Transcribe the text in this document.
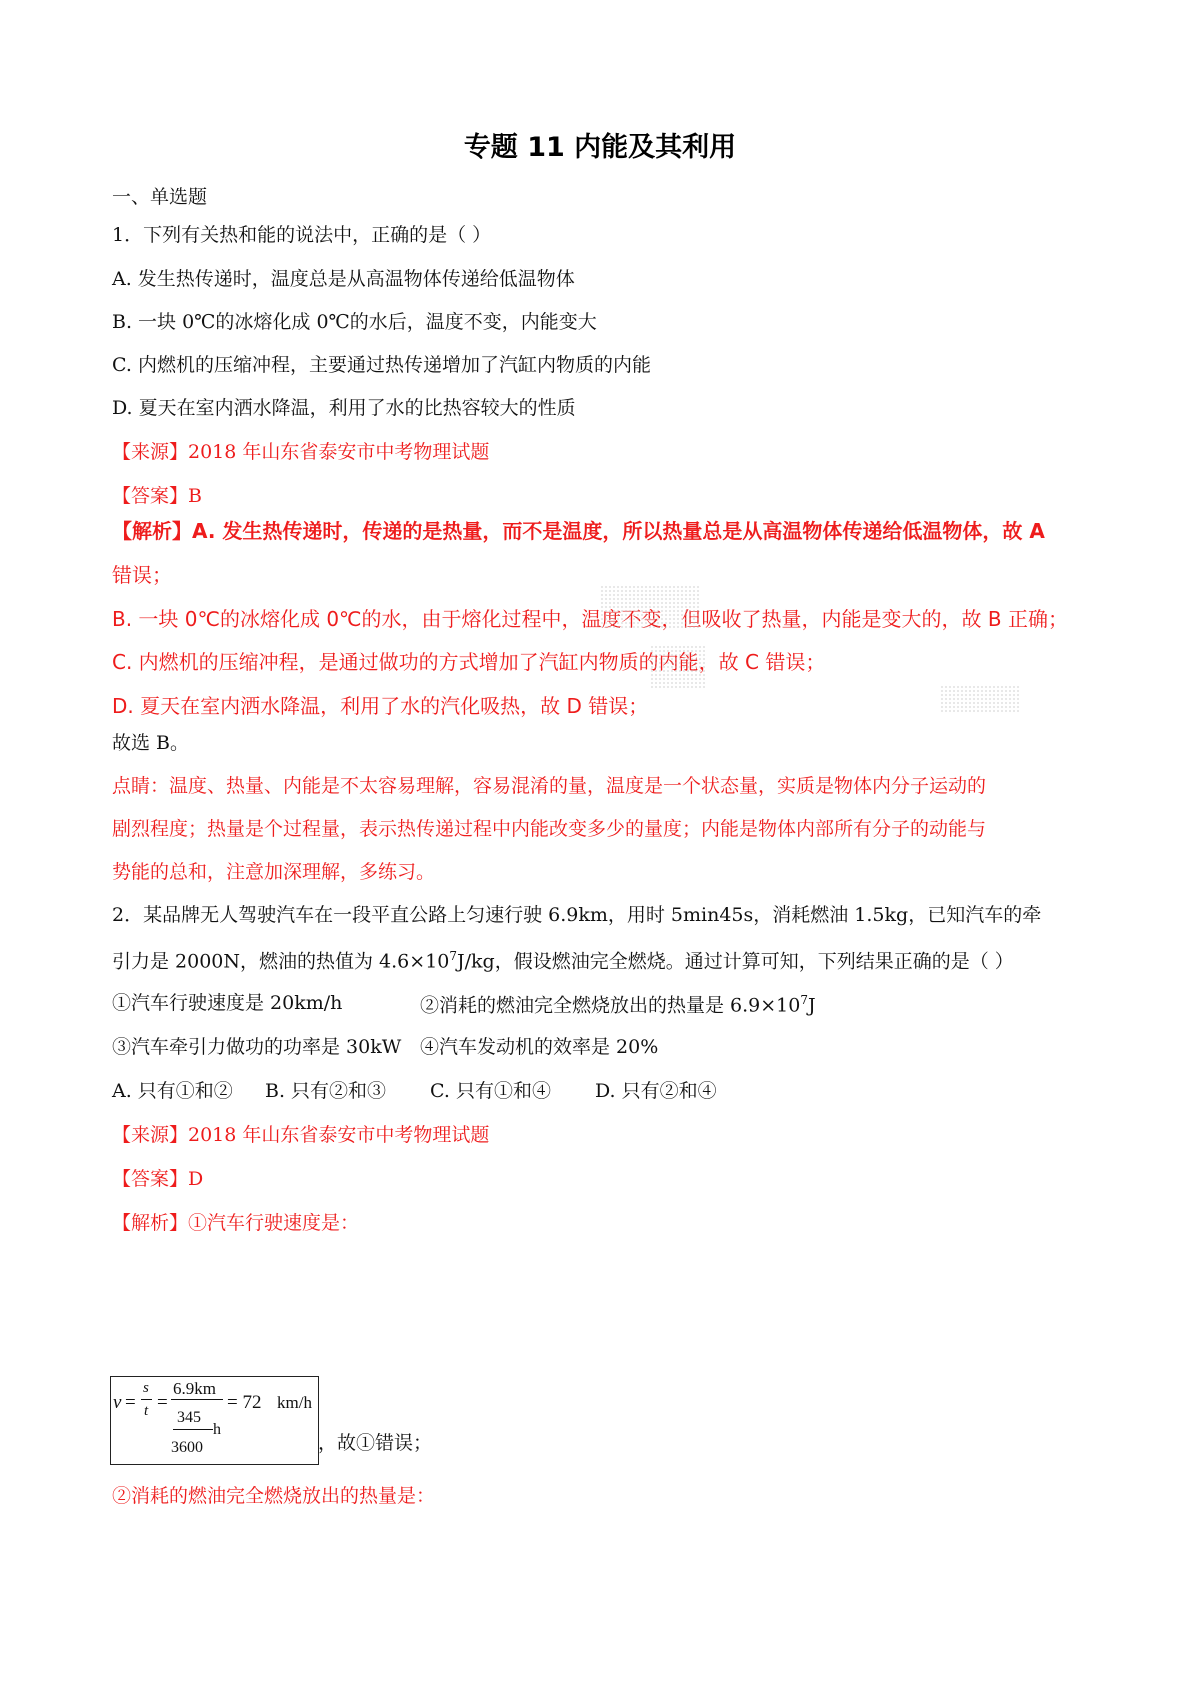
专题 11 内能及其利用
一、单选题
1．下列有关热和能的说法中，正确的是（ ）
A. 发生热传递时，温度总是从高温物体传递给低温物体
B. 一块 0℃的冰熔化成 0℃的水后，温度不变，内能变大
C. 内燃机的压缩冲程，主要通过热传递增加了汽缸内物质的内能
D. 夏天在室内洒水降温，利用了水的比热容较大的性质
【来源】2018 年山东省泰安市中考物理试题
【答案】B
【解析】A. 发生热传递时，传递的是热量，而不是温度，所以热量总是从高温物体传递给低温物体，故 A
错误；
B. 一块 0℃的冰熔化成 0℃的水，由于熔化过程中，温度不变，但吸收了热量，内能是变大的，故 B 正确；
C. 内燃机的压缩冲程，是通过做功的方式增加了汽缸内物质的内能，故 C 错误；
D. 夏天在室内洒水降温，利用了水的汽化吸热，故 D 错误；
故选 B。
点睛：温度、热量、内能是不太容易理解，容易混淆的量，温度是一个状态量，实质是物体内分子运动的
剧烈程度；热量是个过程量，表示热传递过程中内能改变多少的量度；内能是物体内部所有分子的动能与
势能的总和，注意加深理解，多练习。
2．某品牌无人驾驶汽车在一段平直公路上匀速行驶 6.9km，用时 5min45s，消耗燃油 1.5kg，已知汽车的牵
引力是 2000N，燃油的热值为 $4.6\times 10^7J/kg$，假设燃油完全燃烧。通过计算可知，下列结果正确的是（ ）
①汽车行驶速度是 20km/h	②消耗的燃油完全燃烧放出的热量是 $6.9\times 10^7J$
③汽车牵引力做功的功率是 30kW ④汽车发动机的效率是 20%
A. 只有①和② B. 只有②和③ C. 只有①和④ D. 只有②和④
【来源】2018 年山东省泰安市中考物理试题
【答案】D
【解析】①汽车行驶速度是：
v =
s
t =
6.9km
345
h
3600
= 72 km/h
，故①错误；
②消耗的燃油完全燃烧放出的热量是：
